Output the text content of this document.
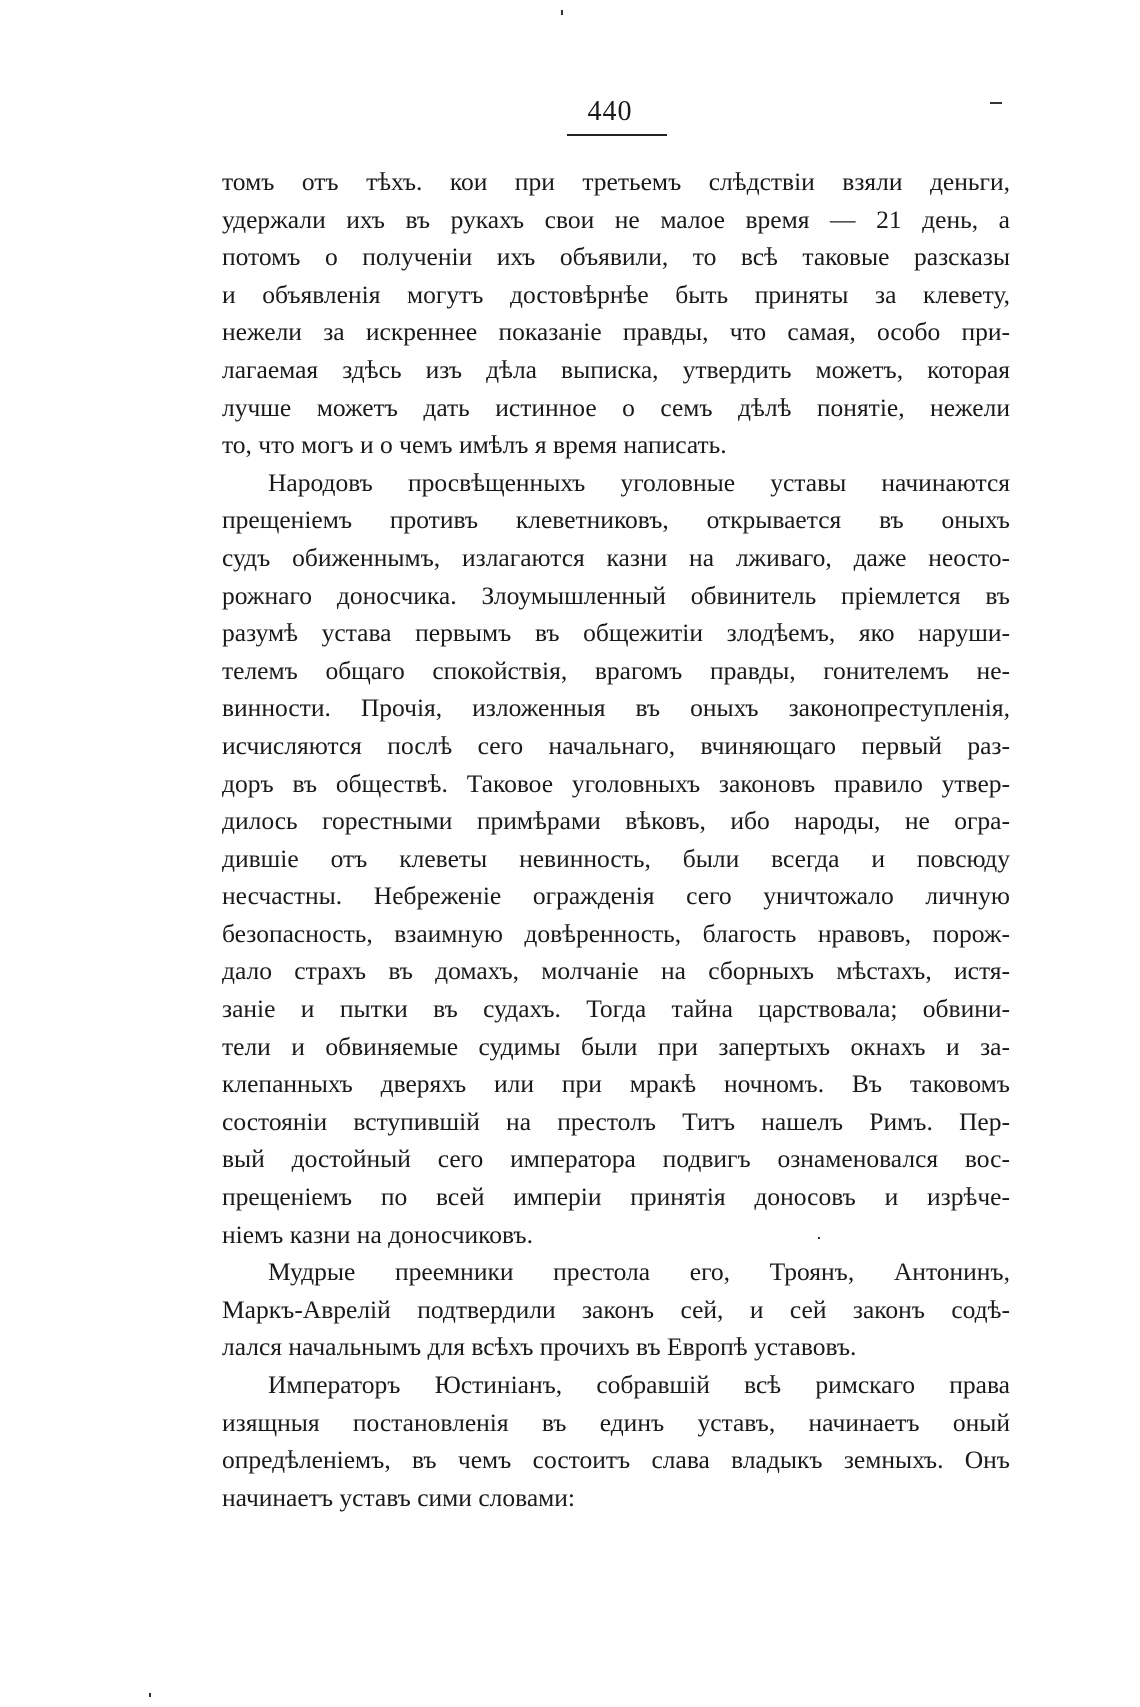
440
томъ отъ тѣхъ. кои при третьемъ слѣдствіи взяли деньги,
удержали ихъ въ рукахъ свои не малое время — 21 день, а
потомъ о полученіи ихъ объявили, то всѣ таковые разсказы
и объявленія могутъ достовѣрнѣе быть приняты за клевету,
нежели за искреннее показаніе правды, что самая, особо при-
лагаемая здѣсь изъ дѣла выписка, утвердить можетъ, которая
лучше можетъ дать истинное о семъ дѣлѣ понятіе, нежели
то, что могъ и о чемъ имѣлъ я время написать.
Народовъ просвѣщенныхъ уголовные уставы начинаются
прещеніемъ противъ клеветниковъ, открывается въ оныхъ
судъ обиженнымъ, излагаются казни на лживаго, даже неосто-
рожнаго доносчика. Злоумышленный обвинитель пріемлется въ
разумѣ устава первымъ въ общежитіи злодѣемъ, яко наруши-
телемъ общаго спокойствія, врагомъ правды, гонителемъ не-
винности. Прочія, изложенныя въ оныхъ законопреступленія,
исчисляются послѣ сего начальнаго, вчиняющаго первый раз-
доръ въ обществѣ. Таковое уголовныхъ законовъ правило утвер-
дилось горестными примѣрами вѣковъ, ибо народы, не огра-
дившіе отъ клеветы невинность, были всегда и повсюду
несчастны. Небреженіе огражденія сего уничтожало личную
безопасность, взаимную довѣренность, благость нравовъ, порож-
дало страхъ въ домахъ, молчаніе на сборныхъ мѣстахъ, истя-
заніе и пытки въ судахъ. Тогда тайна царствовала; обвини-
тели и обвиняемые судимы были при запертыхъ окнахъ и за-
клепанныхъ дверяхъ или при мракѣ ночномъ. Въ таковомъ
состояніи вступившій на престолъ Титъ нашелъ Римъ. Пер-
вый достойный сего императора подвигъ ознаменовался вос-
прещеніемъ по всей имперіи принятія доносовъ и изрѣче-
ніемъ казни на доносчиковъ.
Мудрые преемники престола его, Троянъ, Антонинъ,
Маркъ-Аврелій подтвердили законъ сей, и сей законъ содѣ-
лался начальнымъ для всѣхъ прочихъ въ Европѣ уставовъ.
Императоръ Юстиніанъ, собравшій всѣ римскаго права
изящныя постановленія въ единъ уставъ, начинаетъ оный
опредѣленіемъ, въ чемъ состоитъ слава владыкъ земныхъ. Онъ
начинаетъ уставъ сими словами:
